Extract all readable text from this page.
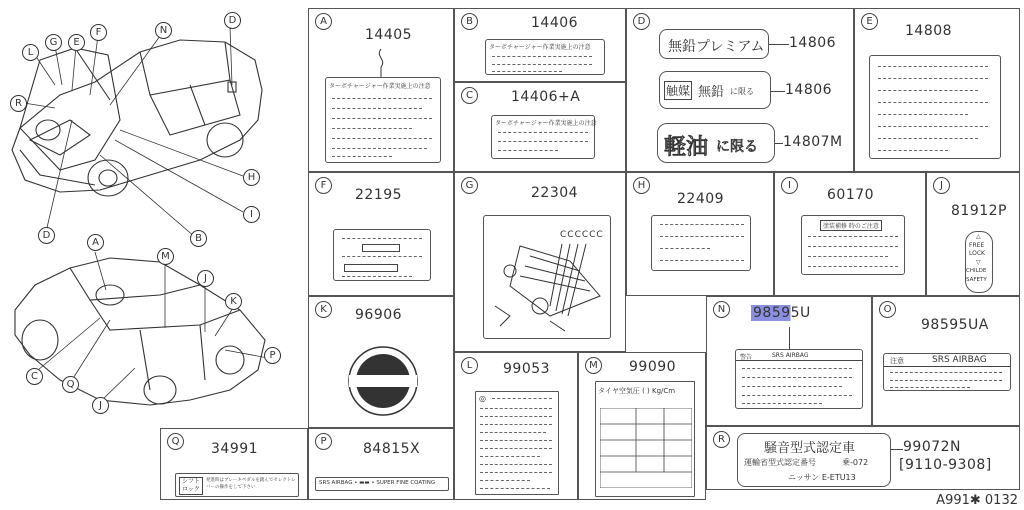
L
G	E
F	N
D
R
H
I
B
D
A
M
J
K
P
C
Q
J
A
14405
ターボチャージャー作業実施上の注意
B	14406
ターボチャージャー作業実施上の注意
C	14406+A
ターボチャージャー作業実施上の注意
D
無鉛プレミアム 14806
触媒 無鉛 に限る 14806
軽油 に限る 14807M
E
14808
F
22195
G	22304
CCCCCC
H
22409
I
60170
塗装補修 時のご注意
J
81912P
△
FREE
LOCK
▽
CHILDE
SAFETY
K	96906
L	99053
◎
M 99090
タイヤ空気圧 ( ) Kg/Cm
N	98595U
警告	SRS AIRBAG
O
98595UA
注意	SRS AIRBAG
Q	34991
シフトロック
発進時はブレーキペダルを踏んでセレクトレバーの操作をして下さい
P	84815X
SRS AIRBAG • ▬▬ • SUPER FINE COATING
R
騒音型式認定車
運輸省型式認定番号	乗-072
ニッサン E-ETU13
99072N
[9110-9308]
A991✱ 0132
